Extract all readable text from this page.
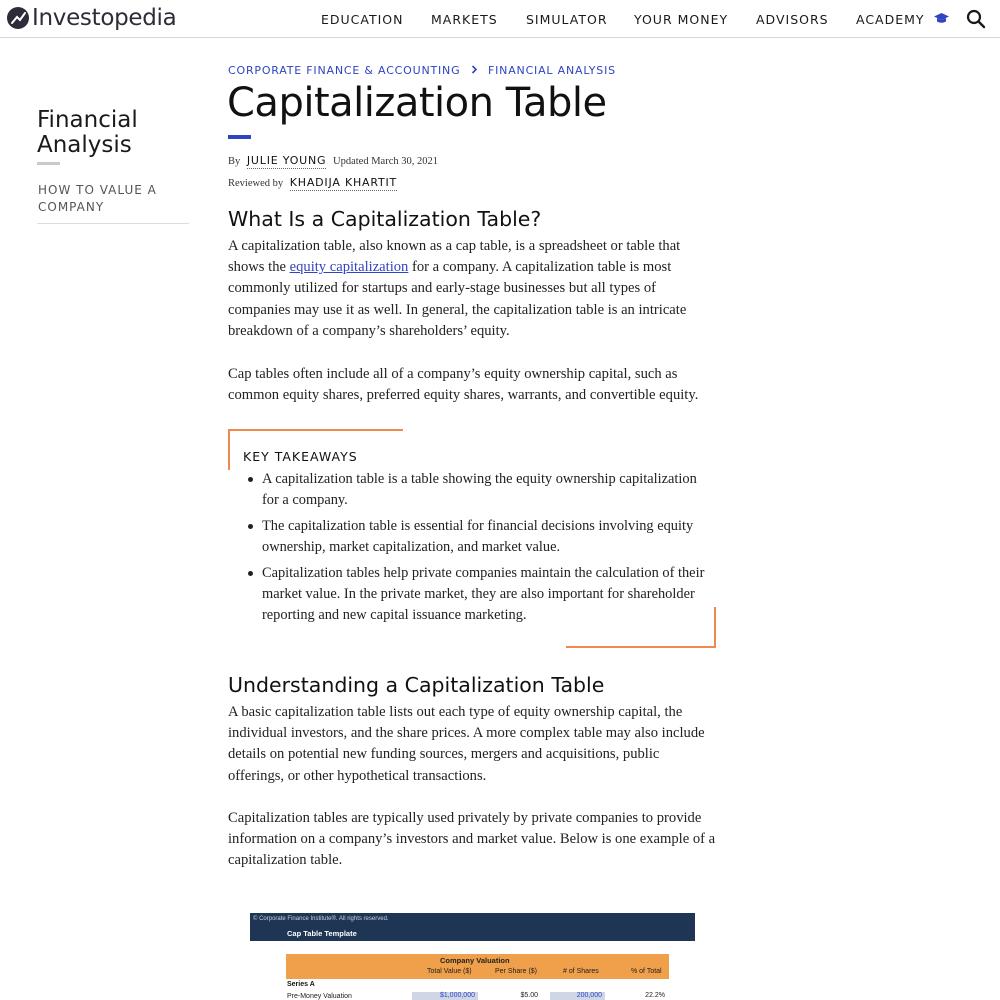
Investopedia	EDUCATION MARKETS SIMULATOR YOUR MONEY ADVISORS ACADEMY
Financial Analysis
HOW TO VALUE A COMPANY
CORPORATE FINANCE & ACCOUNTING	FINANCIAL ANALYSIS
Capitalization Table
By JULIE YOUNG Updated March 30, 2021
Reviewed by KHADIJA KHARTIT
What Is a Capitalization Table?

A capitalization table, also known as a cap table, is a spreadsheet or table that shows the equity capitalization for a company. A capitalization table is most commonly utilized for startups and early-stage businesses but all types of companies may use it as well. In general, the capitalization table is an intricate breakdown of a company’s shareholders’ equity.

Cap tables often include all of a company’s equity ownership capital, such as common equity shares, preferred equity shares, warrants, and convertible equity.

KEY TAKEAWAYS
A capitalization table is a table showing the equity ownership capitalization for a company.
The capitalization table is essential for financial decisions involving equity ownership, market capitalization, and market value.
Capitalization tables help private companies maintain the calculation of their market value. In the private market, they are also important for shareholder reporting and new capital issuance marketing.
Understanding a Capitalization Table

A basic capitalization table lists out each type of equity ownership capital, the individual investors, and the share prices. A more complex table may also include details on potential new funding sources, mergers and acquisitions, public offerings, or other hypothetical transactions.

Capitalization tables are typically used privately by private companies to provide information on a company’s investors and market value. Below is one example of a capitalization table.

© Corporate Finance Institute®. All rights reserved.
Cap Table Template
Company Valuation
Total Value ($)	Per Share ($)	# of Shares	% of Total
Series A
Pre-Money Valuation	$1,000,000	$5.00	200,000	22.2%
